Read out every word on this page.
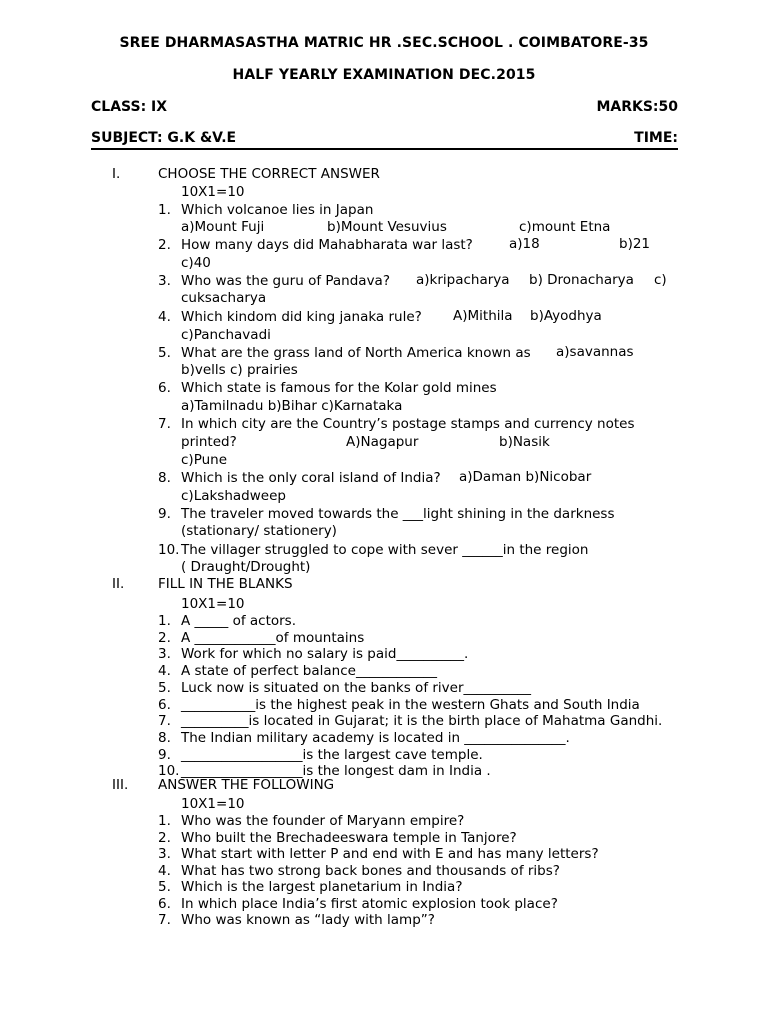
SREE DHARMASASTHA MATRIC HR .SEC.SCHOOL . COIMBATORE-35
HALF YEARLY EXAMINATION DEC.2015
CLASS: IX	MARKS:50
SUBJECT: G.K &V.E	TIME:
I.	CHOOSE THE CORRECT ANSWER
10X1=10
1. Which volcanoe lies in Japan
a)Mount Fuji	b)Mount Vesuvius	c)mount Etna
2. How many days did Mahabharata war last?	a)18	b)21
c)40
3. Who was the guru of Pandava? a)kripacharya b) Dronacharya c)
cuksacharya
4. Which kindom did king janaka rule? A)Mithila b)Ayodhya
c)Panchavadi
5. What are the grass land of North America known as a)savannas
b)vells c) prairies
6. Which state is famous for the Kolar gold mines
a)Tamilnadu b)Bihar c)Karnataka
7. In which city are the Country’s postage stamps and currency notes
printed?	A)Nagapur	b)Nasik
c)Pune
8. Which is the only coral island of India? a)Daman b)Nicobar
c)Lakshadweep
9. The traveler moved towards the ___light shining in the darkness
(stationary/ stationery)
10. The villager struggled to cope with sever ______in the region
( Draught/Drought)
II. FILL IN THE BLANKS
10X1=10
1. A _____ of actors.
2. A ____________of mountains
3. Work for which no salary is paid__________.
4. A state of perfect balance____________
5. Luck now is situated on the banks of river__________
6. ___________is the highest peak in the western Ghats and South India
7. __________is located in Gujarat; it is the birth place of Mahatma Gandhi.
8. The Indian military academy is located in _______________.
9. __________________is the largest cave temple.
10. __________________is the longest dam in India .
III. ANSWER THE FOLLOWING
10X1=10
1. Who was the founder of Maryann empire?
2. Who built the Brechadeeswara temple in Tanjore?
3. What start with letter P and end with E and has many letters?
4. What has two strong back bones and thousands of ribs?
5. Which is the largest planetarium in India?
6. In which place India’s first atomic explosion took place?
7. Who was known as “lady with lamp”?
